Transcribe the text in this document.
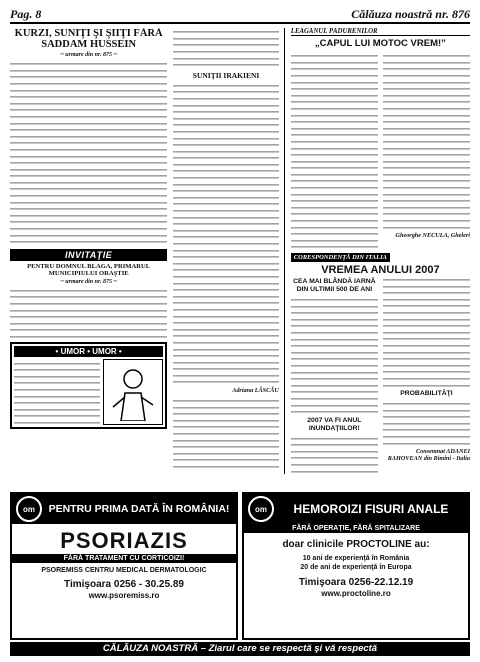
Pag. 8	Călăuza noastră nr. 876
KURZI, SUNIŢI ŞI ŞIIŢI FĂRĂ SADDAM HUSSEIN
~ urmare din nr. 875 ~
INVITAŢIE
PENTRU DOMNUL BLAGA, PRIMARUL MUNICIPIULUI ORAŞTIE
~ urmare din nr. 875 ~
• UMOR • UMOR •
SUNIŢII IRAKIENI
Adriana LĂSCĂU
LEAGĂNUL PĂDURENILOR
„CAPUL LUI MOTOC VREM!”
Gheorghe NECULA, Gheleri
CORESPONDENŢĂ DIN ITALIA
VREMEA ANULUI 2007
CEA MAI BLÂNDĂ IARNĂ DIN ULTIMII 500 DE ANI
2007 VA FI ANUL INUNDAŢIILOR!
PROBABILITĂŢI
Consemnat ADANEI RAHOVEAN din Rimini - Italia
om	PENTRU PRIMA DATĂ ÎN ROMÂNIA!
PSORIAZIS
FĂRĂ TRATAMENT CU CORTICOIZI!
PSOREMISS CENTRU MEDICAL DERMATOLOGIC
Timişoara 0256 - 30.25.89
www.psoremiss.ro
om	HEMOROIZI FISURI ANALE
FĂRĂ OPERAŢIE, FĂRĂ SPITALIZARE
doar clinicile PROCTOLINE au:
10 ani de experienţă în România
20 de ani de experienţă în Europa
Timişoara 0256-22.12.19
www.proctoline.ro
CĂLĂUZA NOASTRĂ – Ziarul care se respectă şi vă respectă
